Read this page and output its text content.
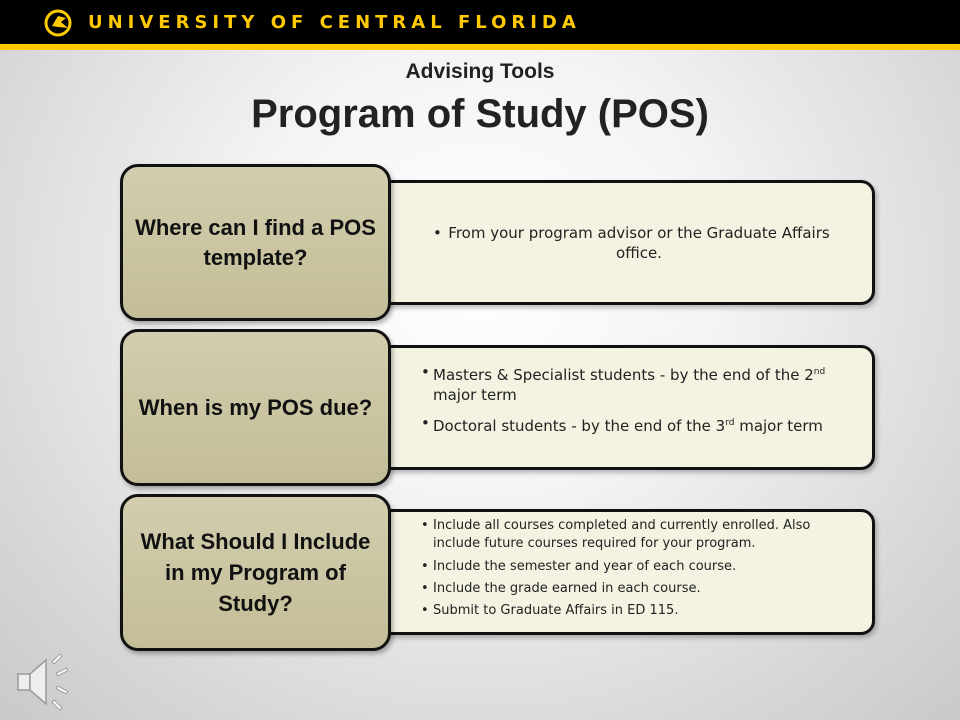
UNIVERSITY OF CENTRAL FLORIDA
Advising Tools
Program of Study (POS)
• From your program advisor or the Graduate Affairs office.
Where can I find a POS template?
• Masters & Specialist students - by the end of the 2nd major term
• Doctoral students - by the end of the 3rd major term
When is my POS due?
• Include all courses completed and currently enrolled. Also include future courses required for your program.
• Include the semester and year of each course.
• Include the grade earned in each course.
• Submit to Graduate Affairs in ED 115.
What Should I Include in my Program of Study?
